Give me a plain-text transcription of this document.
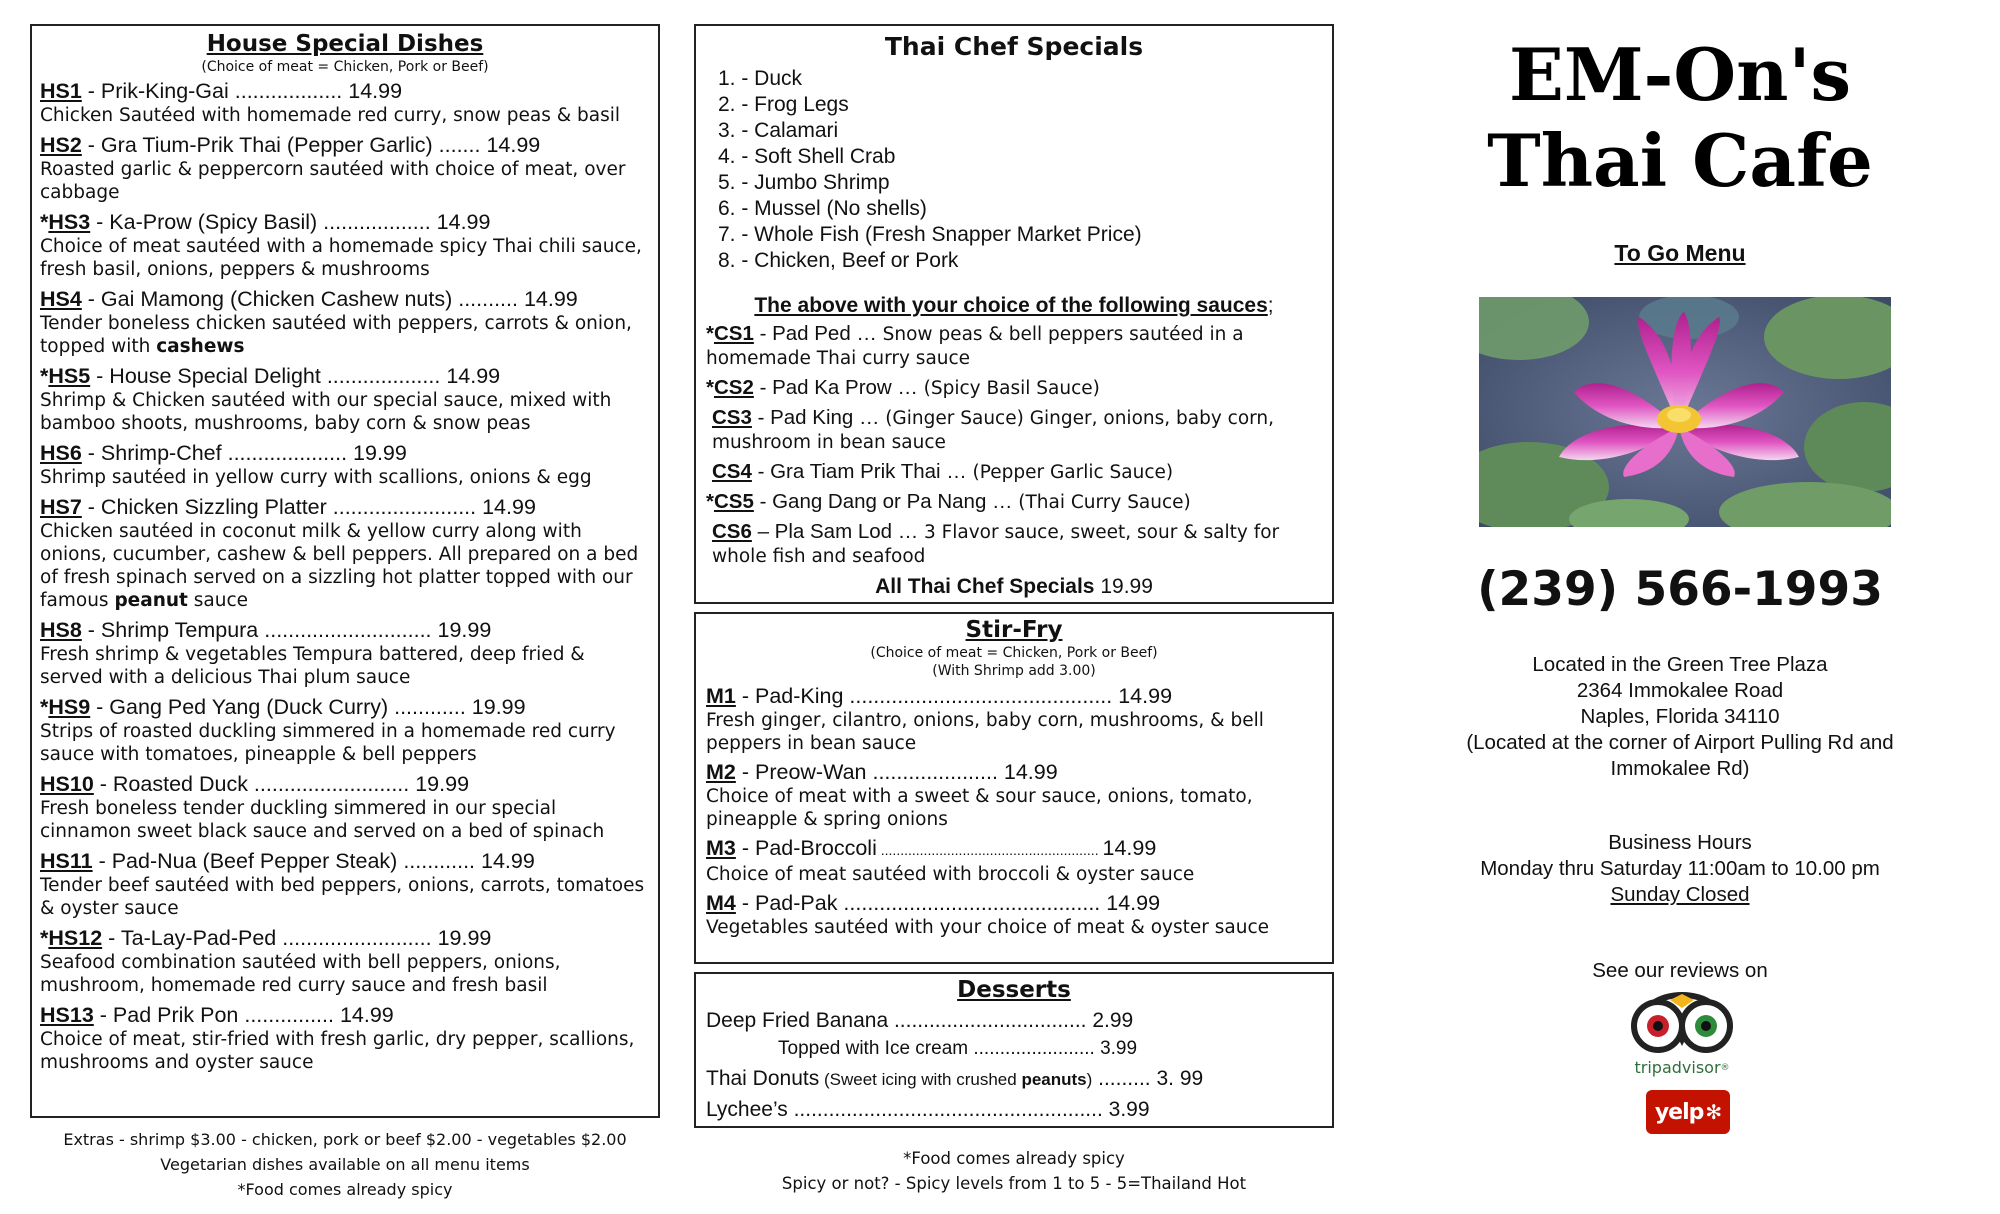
House Special Dishes
(Choice of meat = Chicken, Pork or Beef)
HS1 - Prik-King-Gai .................. 14.99
Chicken Sautéed with homemade red curry, snow peas & basil
HS2 - Gra Tium-Prik Thai (Pepper Garlic) ....... 14.99
Roasted garlic & peppercorn sautéed with choice of meat, over cabbage
*HS3 - Ka-Prow (Spicy Basil) .................. 14.99
Choice of meat sautéed with a homemade spicy Thai chili sauce, fresh basil, onions, peppers & mushrooms
HS4 - Gai Mamong (Chicken Cashew nuts) .......... 14.99
Tender boneless chicken sautéed with peppers, carrots & onion, topped with cashews
*HS5 - House Special Delight ................... 14.99
Shrimp & Chicken sautéed with our special sauce, mixed with bamboo shoots, mushrooms, baby corn & snow peas
HS6 - Shrimp-Chef .................... 19.99
Shrimp sautéed in yellow curry with scallions, onions & egg
HS7 - Chicken Sizzling Platter ........................ 14.99
Chicken sautéed in coconut milk & yellow curry along with onions, cucumber, cashew & bell peppers. All prepared on a bed of fresh spinach served on a sizzling hot platter topped with our famous peanut sauce
HS8 - Shrimp Tempura ............................ 19.99
Fresh shrimp & vegetables Tempura battered, deep fried & served with a delicious Thai plum sauce
*HS9 - Gang Ped Yang (Duck Curry) ............ 19.99
Strips of roasted duckling simmered in a homemade red curry sauce with tomatoes, pineapple & bell peppers
HS10 - Roasted Duck .......................... 19.99
Fresh boneless tender duckling simmered in our special cinnamon sweet black sauce and served on a bed of spinach
HS11 - Pad-Nua (Beef Pepper Steak) ............ 14.99
Tender beef sautéed with bed peppers, onions, carrots, tomatoes & oyster sauce
*HS12 - Ta-Lay-Pad-Ped ......................... 19.99
Seafood combination sautéed with bell peppers, onions, mushroom, homemade red curry sauce and fresh basil
HS13 - Pad Prik Pon ............... 14.99
Choice of meat, stir-fried with fresh garlic, dry pepper, scallions, mushrooms and oyster sauce
Extras - shrimp $3.00 - chicken, pork or beef $2.00 - vegetables $2.00
Vegetarian dishes available on all menu items
*Food comes already spicy
Thai Chef Specials
1. - Duck
2. - Frog Legs
3. - Calamari
4. - Soft Shell Crab
5. - Jumbo Shrimp
6. - Mussel (No shells)
7. - Whole Fish (Fresh Snapper Market Price)
8. - Chicken, Beef or Pork
The above with your choice of the following sauces;
*CS1 - Pad Ped … Snow peas & bell peppers sautéed in a homemade Thai curry sauce
*CS2 - Pad Ka Prow … (Spicy Basil Sauce)
CS3 - Pad King … (Ginger Sauce) Ginger, onions, baby corn, mushroom in bean sauce
CS4 - Gra Tiam Prik Thai … (Pepper Garlic Sauce)
*CS5 - Gang Dang or Pa Nang … (Thai Curry Sauce)
CS6 – Pla Sam Lod … 3 Flavor sauce, sweet, sour & salty for whole fish and seafood
All Thai Chef Specials 19.99
Stir-Fry
(Choice of meat = Chicken, Pork or Beef)
(With Shrimp add 3.00)
M1 - Pad-King ............................................ 14.99
Fresh ginger, cilantro, onions, baby corn, mushrooms, & bell peppers in bean sauce
M2 - Preow-Wan ..................... 14.99
Choice of meat with a sweet & sour sauce, onions, tomato, pineapple & spring onions
M3 - Pad-Broccoli ........................................................ 14.99
Choice of meat sautéed with broccoli & oyster sauce
M4 - Pad-Pak ........................................... 14.99
Vegetables sautéed with your choice of meat & oyster sauce
Desserts
Deep Fried Banana ................................. 2.99
Topped with Ice cream ....................... 3.99
Thai Donuts (Sweet icing with crushed peanuts) ......... 3. 99
Lychee’s ..................................................... 3.99
*Food comes already spicy
Spicy or not? - Spicy levels from 1 to 5 - 5=Thailand Hot
EM-On's
Thai Cafe
To Go Menu
(239) 566-1993
Located in the Green Tree Plaza
2364 Immokalee Road
Naples, Florida 34110
(Located at the corner of Airport Pulling Rd and
Immokalee Rd)
Business Hours
Monday thru Saturday 11:00am to 10.00 pm
Sunday Closed
See our reviews on
tripadvisor®
yelp ✻
